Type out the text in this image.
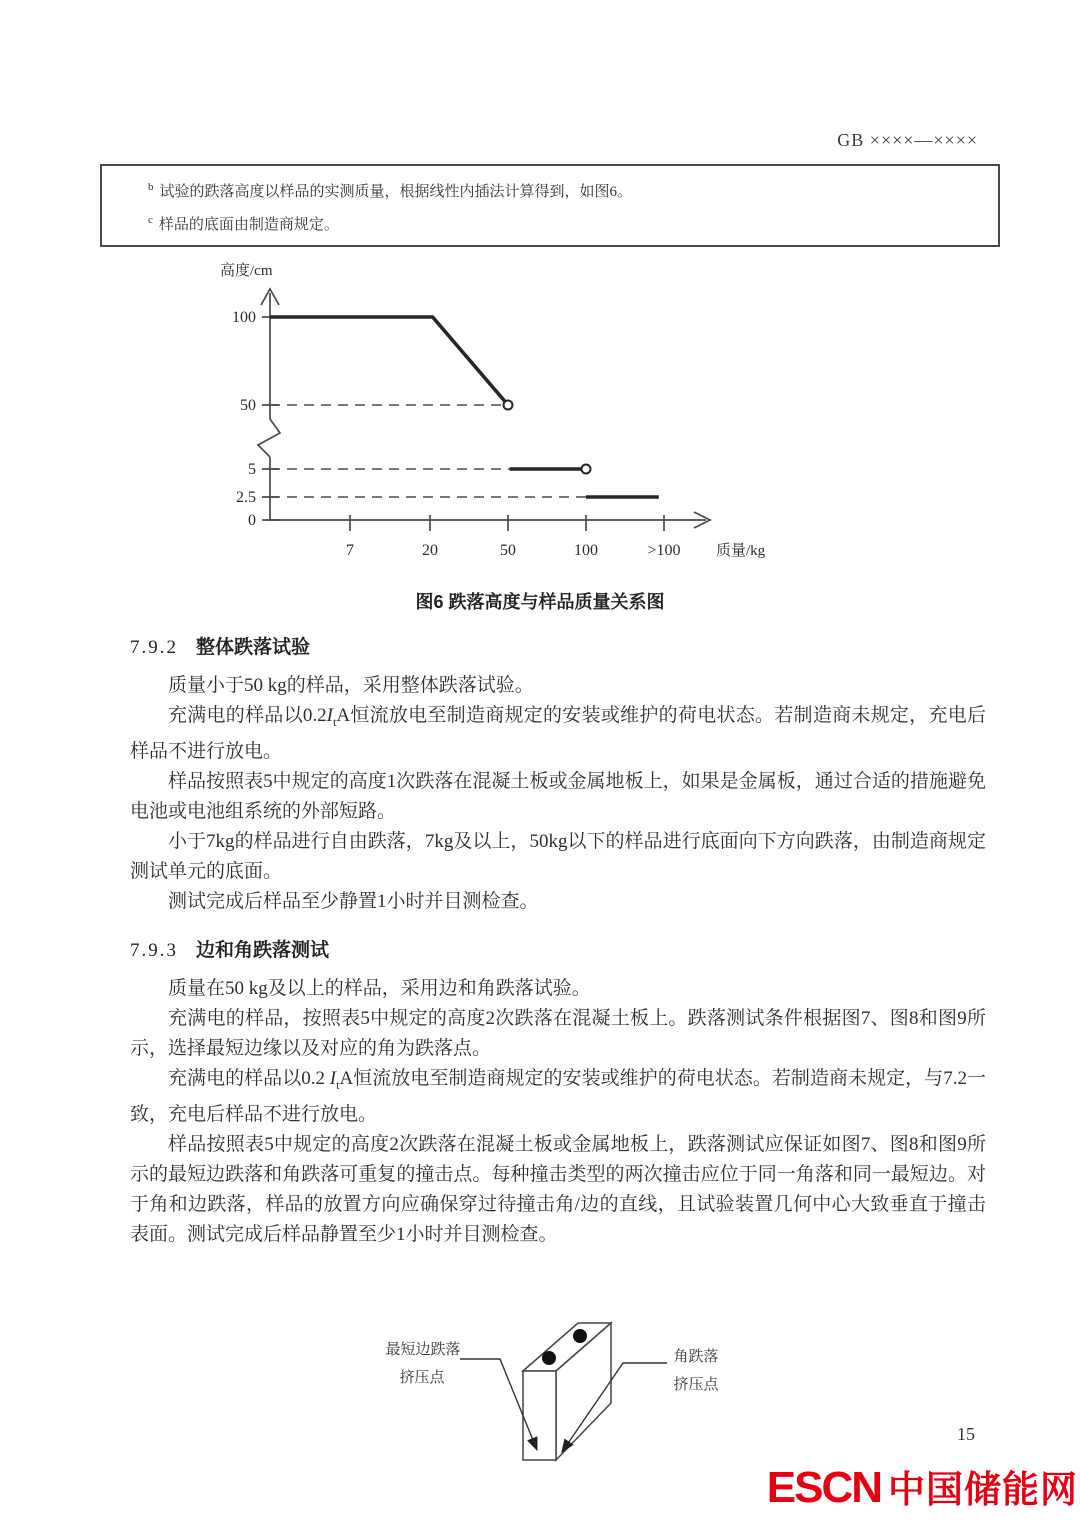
GB ××××—××××
$^b$ 试验的跌落高度以样品的实测质量，根据线性内插法计算得到，如图6。
$^c$ 样品的底面由制造商规定。
7	20	50	100	>100
100
50
5
2.5
0
高度/cm
质量/kg
图6 跌落高度与样品质量关系图
7.9.2 整体跌落试验

质量小于50 kg的样品，采用整体跌落试验。

充满电的样品以$0.2I_tA$恒流放电至制造商规定的安装或维护的荷电状态。若制造商未规定，充电后样品不进行放电。

样品按照表5中规定的高度1次跌落在混凝土板或金属地板上，如果是金属板，通过合适的措施避免电池或电池组系统的外部短路。

小于7kg的样品进行自由跌落，7kg及以上，50kg以下的样品进行底面向下方向跌落，由制造商规定测试单元的底面。

测试完成后样品至少静置1小时并目测检查。

7.9.3 边和角跌落测试

质量在50 kg及以上的样品，采用边和角跌落试验。

充满电的样品，按照表5中规定的高度2次跌落在混凝土板上。跌落测试条件根据图7、图8和图9所示，选择最短边缘以及对应的角为跌落点。

充满电的样品以0.2 $I_tA$恒流放电至制造商规定的安装或维护的荷电状态。若制造商未规定，与7.2一致，充电后样品不进行放电。

样品按照表5中规定的高度2次跌落在混凝土板或金属地板上，跌落测试应保证如图7、图8和图9所示的最短边跌落和角跌落可重复的撞击点。每种撞击类型的两次撞击应位于同一角落和同一最短边。对于角和边跌落，样品的放置方向应确保穿过待撞击角/边的直线，且试验装置几何中心大致垂直于撞击表面。测试完成后样品静置至少1小时并目测检查。

最短边跌落
挤压点
角跌落
挤压点
15
ESCN 中国储能网
